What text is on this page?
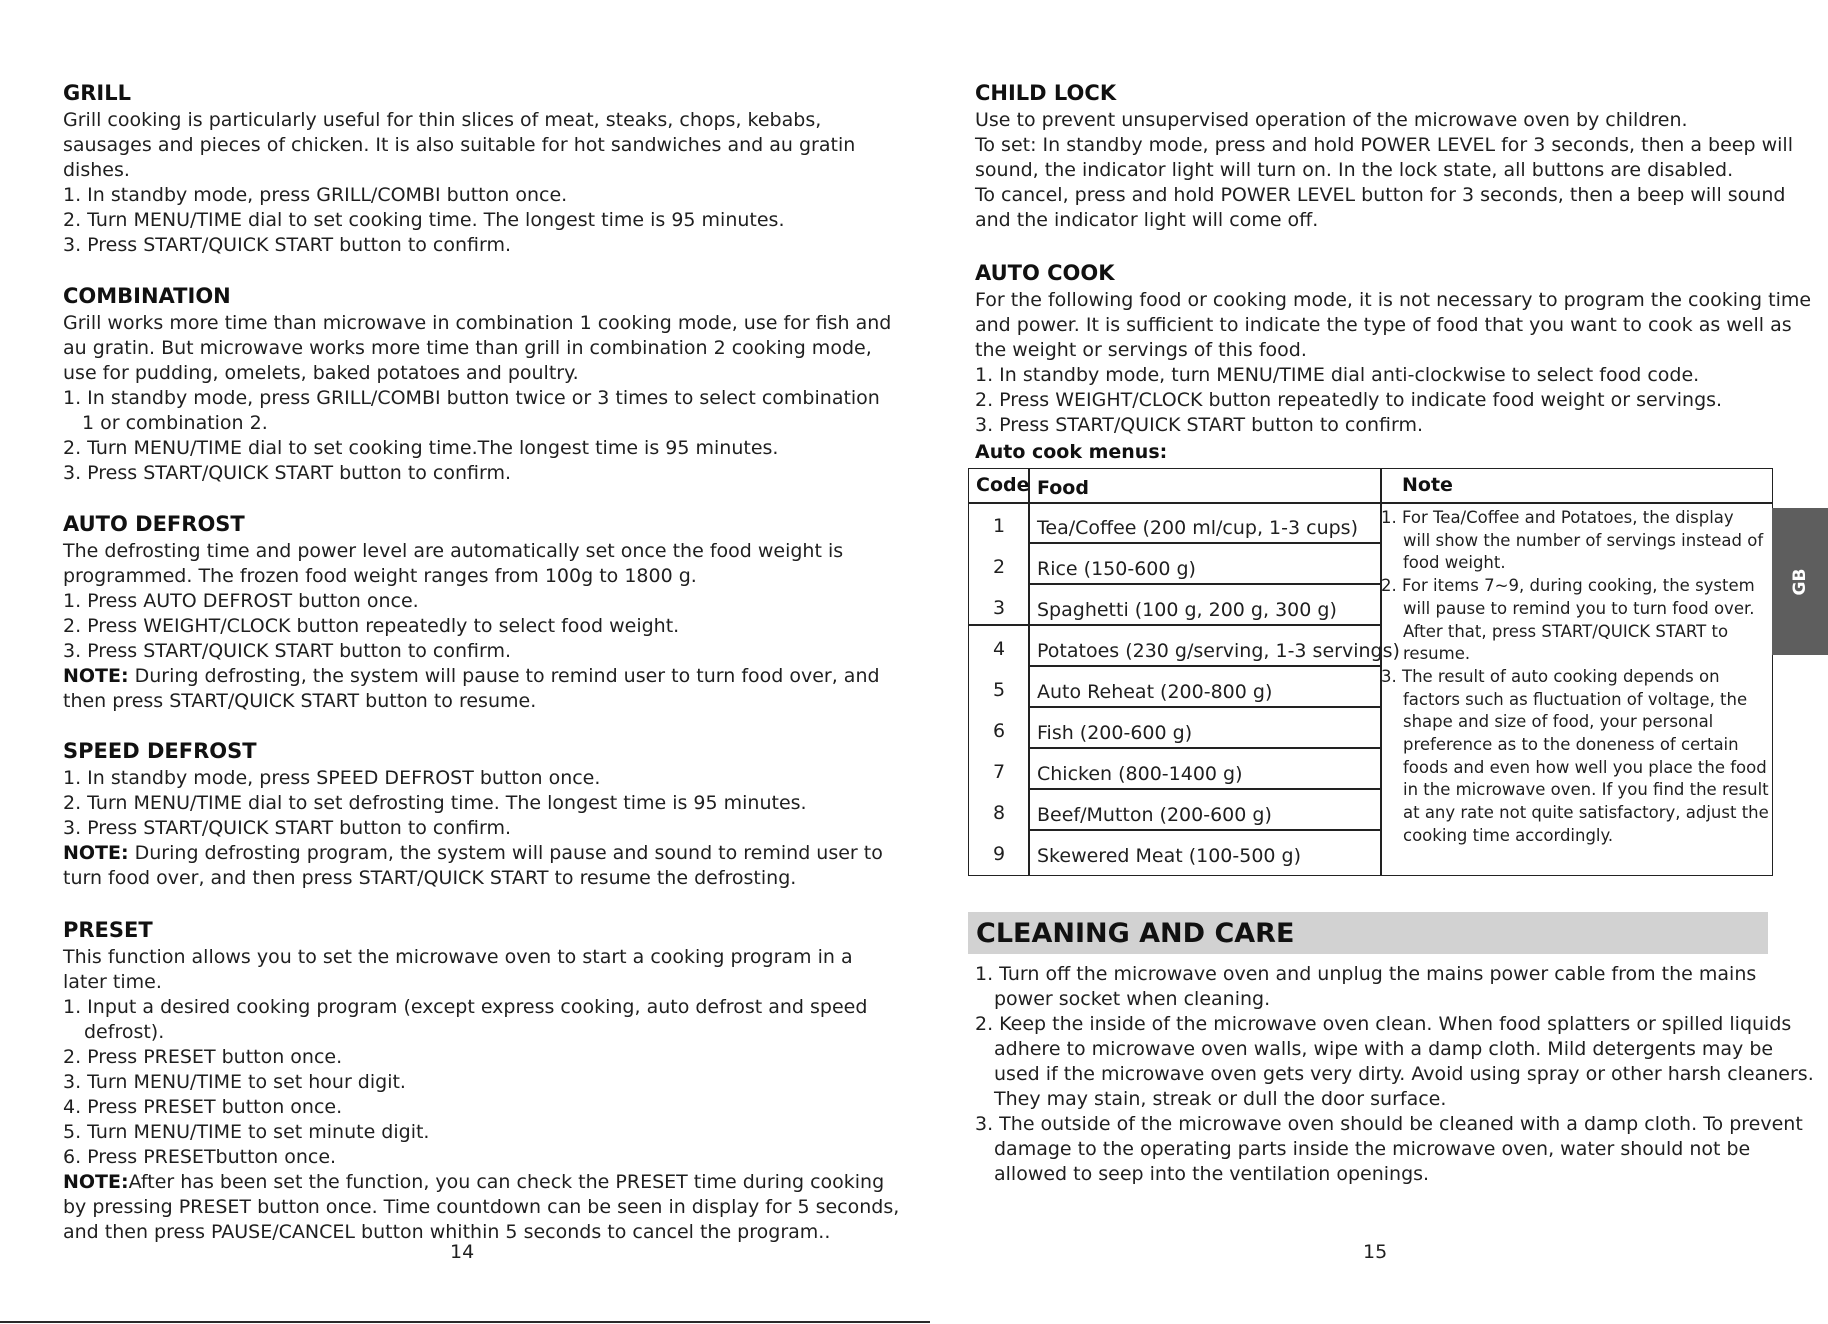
GRILL
Grill cooking is particularly useful for thin slices of meat, steaks, chops, kebabs,
sausages and pieces of chicken. It is also suitable for hot sandwiches and au gratin
dishes.
1. In standby mode, press GRILL/COMBI button once.
2. Turn MENU/TIME dial to set cooking time. The longest time is 95 minutes.
3. Press START/QUICK START button to confirm.
COMBINATION
Grill works more time than microwave in combination 1 cooking mode, use for fish and
au gratin. But microwave works more time than grill in combination 2 cooking mode,
use for pudding, omelets, baked potatoes and poultry.
1. In standby mode, press GRILL/COMBI button twice or 3 times to select combination
1 or combination 2.
2. Turn MENU/TIME dial to set cooking time.The longest time is 95 minutes.
3. Press START/QUICK START button to confirm.
AUTO DEFROST
The defrosting time and power level are automatically set once the food weight is
programmed. The frozen food weight ranges from 100g to 1800 g.
1. Press AUTO DEFROST button once.
2. Press WEIGHT/CLOCK button repeatedly to select food weight.
3. Press START/QUICK START button to confirm.
NOTE: During defrosting, the system will pause to remind user to turn food over, and
then press START/QUICK START button to resume.
SPEED DEFROST
1. In standby mode, press SPEED DEFROST button once.
2. Turn MENU/TIME dial to set defrosting time. The longest time is 95 minutes.
3. Press START/QUICK START button to confirm.
NOTE: During defrosting program, the system will pause and sound to remind user to
turn food over, and then press START/QUICK START to resume the defrosting.
PRESET
This function allows you to set the microwave oven to start a cooking program in a
later time.
1. Input a desired cooking program (except express cooking, auto defrost and speed
defrost).
2. Press PRESET button once.
3. Turn MENU/TIME to set hour digit.
4. Press PRESET button once.
5. Turn MENU/TIME to set minute digit.
6. Press PRESETbutton once.
NOTE:After has been set the function, you can check the PRESET time during cooking
by pressing PRESET button once. Time countdown can be seen in display for 5 seconds,
and then press PAUSE/CANCEL button whithin 5 seconds to cancel the program..
14
CHILD LOCK
Use to prevent unsupervised operation of the microwave oven by children.
To set: In standby mode, press and hold POWER LEVEL for 3 seconds, then a beep will
sound, the indicator light will turn on. In the lock state, all buttons are disabled.
To cancel, press and hold POWER LEVEL button for 3 seconds, then a beep will sound
and the indicator light will come off.
AUTO COOK
For the following food or cooking mode, it is not necessary to program the cooking time
and power. It is sufficient to indicate the type of food that you want to cook as well as
the weight or servings of this food.
1. In standby mode, turn MENU/TIME dial anti-clockwise to select food code.
2. Press WEIGHT/CLOCK button repeatedly to indicate food weight or servings.
3. Press START/QUICK START button to confirm.
Auto cook menus:
15
Code Food	Note
1	Tea/Coffee (200 ml/cup, 1-3 cups)
2	Rice (150-600 g)
3	Spaghetti (100 g, 200 g, 300 g)
4	Potatoes (230 g/serving, 1-3 servings)
5	Auto Reheat (200-800 g)
6	Fish (200-600 g)
7	Chicken (800-1400 g)
8	Beef/Mutton (200-600 g)
9	Skewered Meat (100-500 g)
1. For Tea/Coffee and Potatoes, the display
will show the number of servings instead of
food weight.
2. For items 7~9, during cooking, the system
will pause to remind you to turn food over.
After that, press START/QUICK START to
resume.
3. The result of auto cooking depends on
factors such as fluctuation of voltage, the
shape and size of food, your personal
preference as to the doneness of certain
foods and even how well you place the food
in the microwave oven. If you find the result
at any rate not quite satisfactory, adjust the
cooking time accordingly.
CLEANING AND CARE
1. Turn off the microwave oven and unplug the mains power cable from the mains
power socket when cleaning.
2. Keep the inside of the microwave oven clean. When food splatters or spilled liquids
adhere to microwave oven walls, wipe with a damp cloth. Mild detergents may be
used if the microwave oven gets very dirty. Avoid using spray or other harsh cleaners.
They may stain, streak or dull the door surface.
3. The outside of the microwave oven should be cleaned with a damp cloth. To prevent
damage to the operating parts inside the microwave oven, water should not be
allowed to seep into the ventilation openings.
GB
